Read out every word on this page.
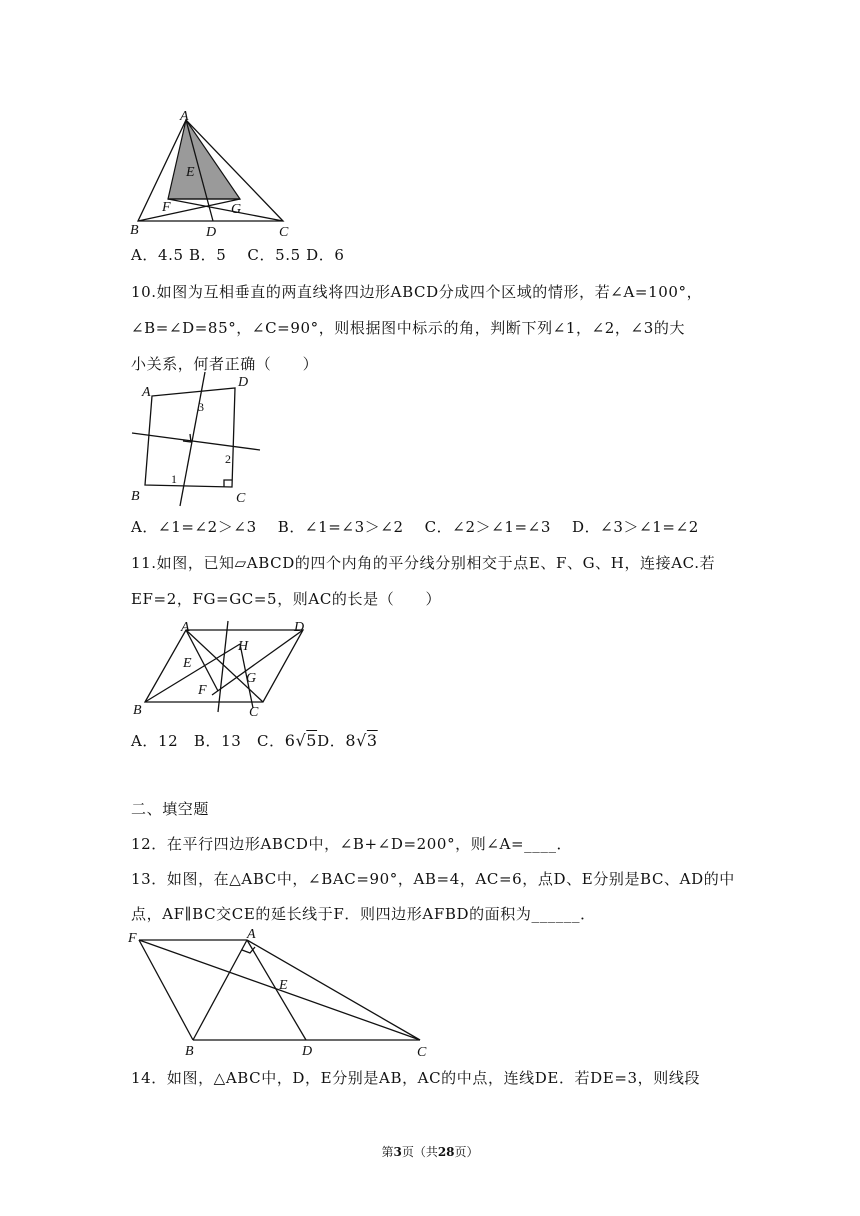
A
B	C
D
E
F	G
A．4.5 B．5　 C．5.5 D．6
10.如图为互相垂直的两直线将四边形ABCD分成四个区域的情形，若∠A=100°，
∠B=∠D=85°，∠C=90°，则根据图中标示的角，判断下列∠1，∠2，∠3的大
小关系，何者正确（　　）
A
D
B	C
3
2
1
A．∠1=∠2＞∠3　 B．∠1=∠3＞∠2　 C．∠2＞∠1=∠3　 D．∠3＞∠1=∠2
11.如图，已知▱ABCD的四个内角的平分线分别相交于点E、F、G、H，连接AC.若
EF=2，FG=GC=5，则AC的长是（　　）
A	D
B	C
E
H
F
G
A．12　B．13　C．6√5D．8√3
二、填空题
12．在平行四边形ABCD中，∠B+∠D=200°，则∠A=____．
13．如图，在△ABC中，∠BAC=90°，AB=4，AC=6，点D、E分别是BC、AD的中
点，AF∥BC交CE的延长线于F．则四边形AFBD的面积为______．
F	A
E
B	D	C
14．如图，△ABC中，D，E分别是AB，AC的中点，连线DE．若DE=3，则线段
第3页（共28页）
